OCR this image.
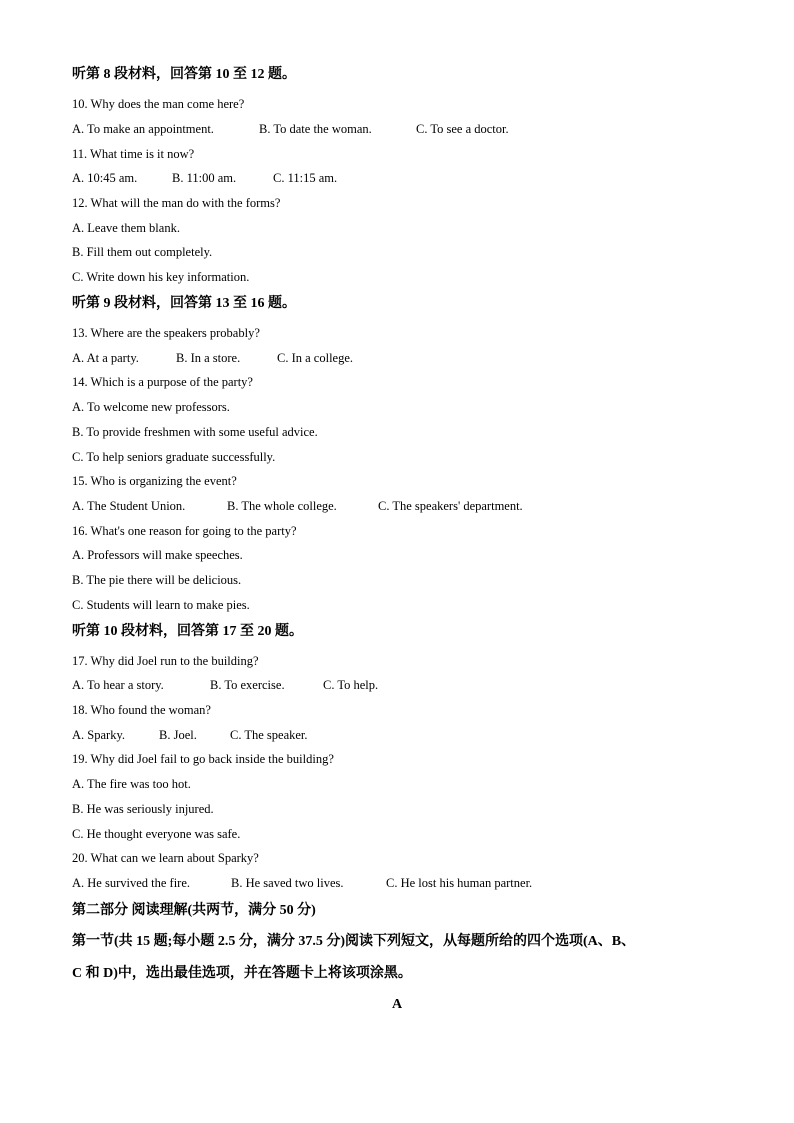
听第 8 段材料，回答第 10 至 12 题。
10. Why does the man come here?
A. To make an appointment.	B. To date the woman.	C. To see a doctor.
11. What time is it now?
A. 10:45 am.	B. 11:00 am.	C. 11:15 am.
12. What will the man do with the forms?
A. Leave them blank.
B. Fill them out completely.
C. Write down his key information.
听第 9 段材料，回答第 13 至 16 题。
13. Where are the speakers probably?
A. At a party.	B. In a store.	C. In a college.
14. Which is a purpose of the party?
A. To welcome new professors.
B. To provide freshmen with some useful advice.
C. To help seniors graduate successfully.
15. Who is organizing the event?
A. The Student Union.	B. The whole college.	C. The speakers' department.
16. What's one reason for going to the party?
A. Professors will make speeches.
B. The pie there will be delicious.
C. Students will learn to make pies.
听第 10 段材料，回答第 17 至 20 题。
17. Why did Joel run to the building?
A. To hear a story.	B. To exercise.	C. To help.
18. Who found the woman?
A. Sparky.	B. Joel.	C. The speaker.
19. Why did Joel fail to go back inside the building?
A. The fire was too hot.
B. He was seriously injured.
C. He thought everyone was safe.
20. What can we learn about Sparky?
A. He survived the fire.	B. He saved two lives.	C. He lost his human partner.
第二部分 阅读理解(共两节，满分 50 分)
第一节(共 15 题;每小题 2.5 分，满分 37.5 分)阅读下列短文，从每题所给的四个选项(A、B、
C 和 D)中，选出最佳选项，并在答题卡上将该项涂黑。
A
